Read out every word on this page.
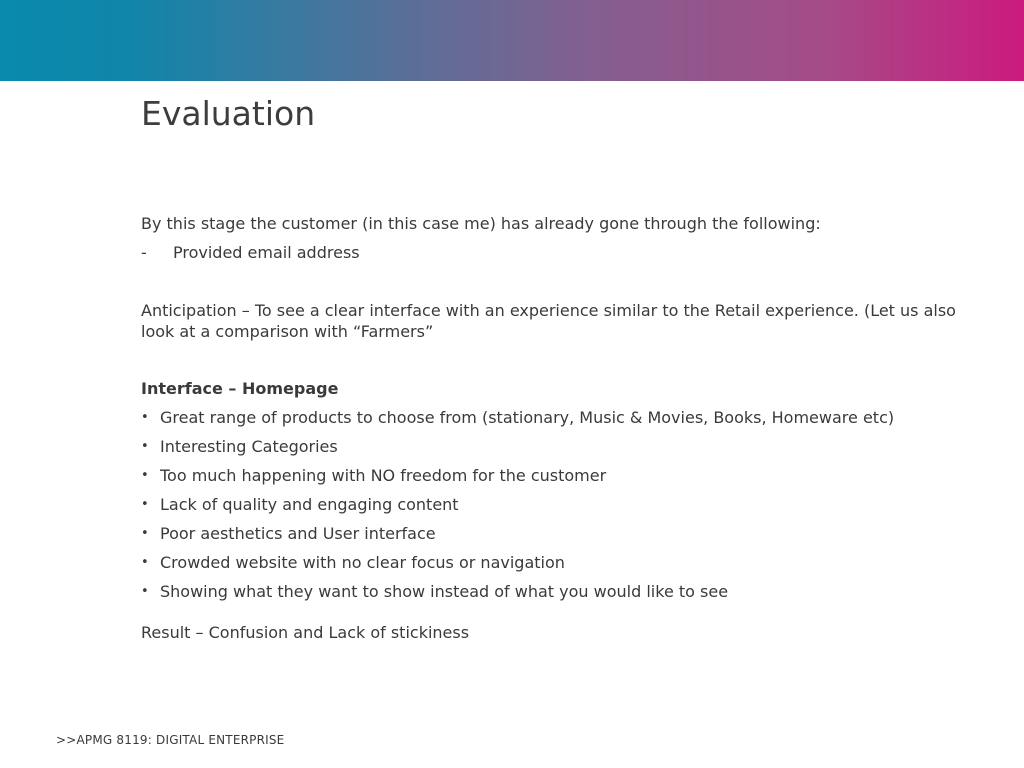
Evaluation

By this stage the customer (in this case me) has already gone through the following:

- Provided email address

Anticipation – To see a clear interface with an experience similar to the Retail experience. (Let us also look at a comparison with “Farmers”

Interface – Homepage

• Great range of products to choose from (stationary, Music & Movies, Books, Homeware etc)
• Interesting Categories
• Too much happening with NO freedom for the customer
• Lack of quality and engaging content
• Poor aesthetics and User interface
• Crowded website with no clear focus or navigation
• Showing what they want to show instead of what you would like to see

Result – Confusion and Lack of stickiness

>>APMG 8119: DIGITAL ENTERPRISE
